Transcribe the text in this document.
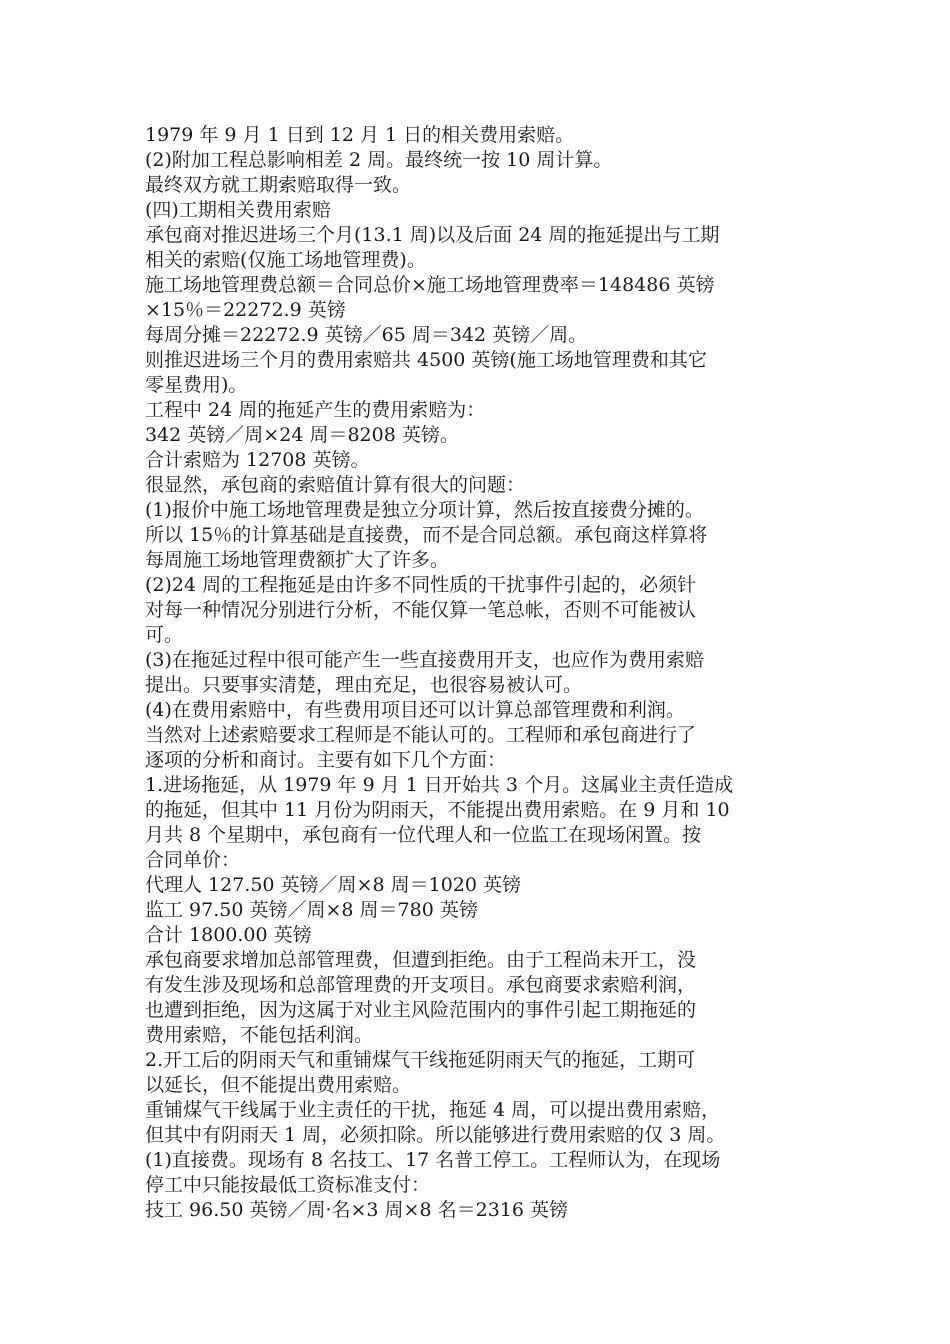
1979 年 9 月 1 日到 12 月 1 日的相关费用索赔。
(2)附加工程总影响相差 2 周。最终统一按 10 周计算。
最终双方就工期索赔取得一致。
(四)工期相关费用索赔
承包商对推迟进场三个月(13.1 周)以及后面 24 周的拖延提出与工期
相关的索赔(仅施工场地管理费)。
施工场地管理费总额＝合同总价×施工场地管理费率＝148486 英镑
×15％＝22272.9 英镑
每周分摊＝22272.9 英镑／65 周＝342 英镑／周。
则推迟进场三个月的费用索赔共 4500 英镑(施工场地管理费和其它
零星费用)。
工程中 24 周的拖延产生的费用索赔为：
342 英镑／周×24 周＝8208 英镑。
合计索赔为 12708 英镑。
很显然，承包商的索赔值计算有很大的问题：
(1)报价中施工场地管理费是独立分项计算，然后按直接费分摊的。
所以 15％的计算基础是直接费，而不是合同总额。承包商这样算将
每周施工场地管理费额扩大了许多。
(2)24 周的工程拖延是由许多不同性质的干扰事件引起的，必须针
对每一种情况分别进行分析，不能仅算一笔总帐，否则不可能被认
可。
(3)在拖延过程中很可能产生一些直接费用开支，也应作为费用索赔
提出。只要事实清楚，理由充足，也很容易被认可。
(4)在费用索赔中，有些费用项目还可以计算总部管理费和利润。
当然对上述索赔要求工程师是不能认可的。工程师和承包商进行了
逐项的分析和商讨。主要有如下几个方面：
1.进场拖延，从 1979 年 9 月 1 日开始共 3 个月。这属业主责任造成
的拖延，但其中 11 月份为阴雨天，不能提出费用索赔。在 9 月和 10
月共 8 个星期中，承包商有一位代理人和一位监工在现场闲置。按
合同单价：
代理人 127.50 英镑／周×8 周＝1020 英镑
监工 97.50 英镑／周×8 周＝780 英镑
合计 1800.00 英镑
承包商要求增加总部管理费，但遭到拒绝。由于工程尚未开工，没
有发生涉及现场和总部管理费的开支项目。承包商要求索赔利润，
也遭到拒绝，因为这属于对业主风险范围内的事件引起工期拖延的
费用索赔，不能包括利润。
2.开工后的阴雨天气和重铺煤气干线拖延阴雨天气的拖延，工期可
以延长，但不能提出费用索赔。
重铺煤气干线属于业主责任的干扰，拖延 4 周，可以提出费用索赔，
但其中有阴雨天 1 周，必须扣除。所以能够进行费用索赔的仅 3 周。
(1)直接费。现场有 8 名技工、17 名普工停工。工程师认为，在现场
停工中只能按最低工资标准支付：
技工 96.50 英镑／周·名×3 周×8 名＝2316 英镑
